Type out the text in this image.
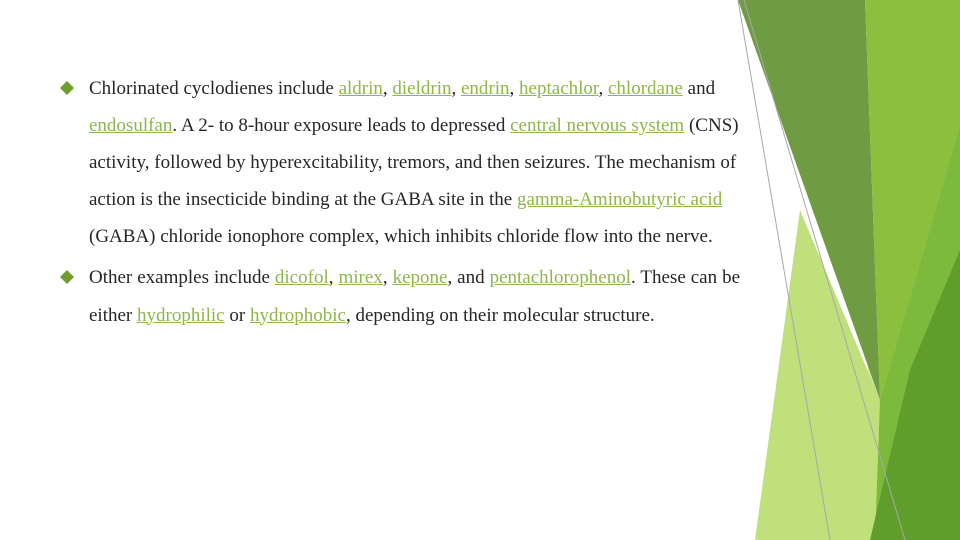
Chlorinated cyclodienes include aldrin, dieldrin, endrin, heptachlor, chlordane and endosulfan. A 2- to 8-hour exposure leads to depressed central nervous system (CNS) activity, followed by hyperexcitability, tremors, and then seizures. The mechanism of action is the insecticide binding at the GABA site in the gamma-Aminobutyric acid (GABA) chloride ionophore complex, which inhibits chloride flow into the nerve.
Other examples include dicofol, mirex, kepone, and pentachlorophenol. These can be either hydrophilic or hydrophobic, depending on their molecular structure.
